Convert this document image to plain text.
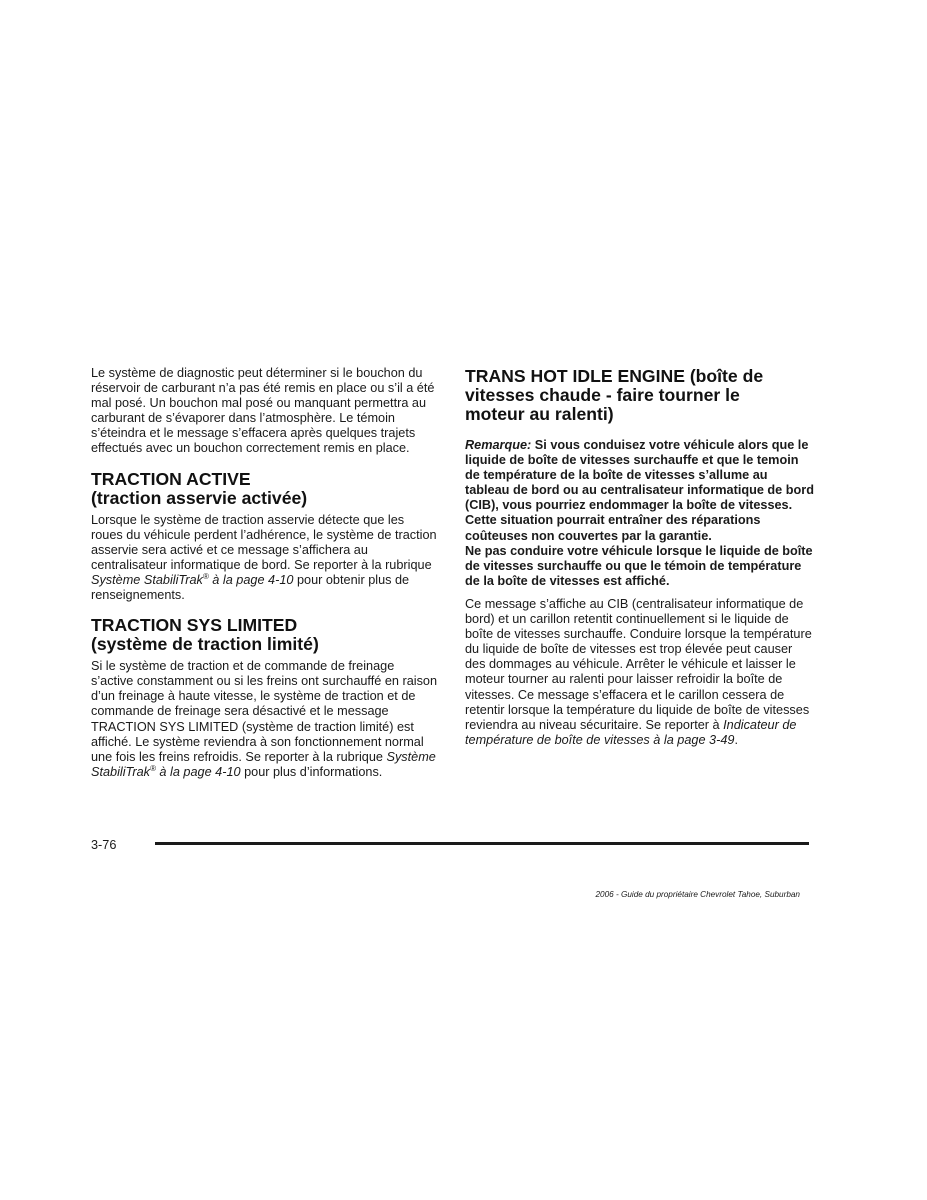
Le système de diagnostic peut déterminer si le bouchon du réservoir de carburant n’a pas été remis en place ou s’il a été mal posé. Un bouchon mal posé ou manquant permettra au carburant de s’évaporer dans l’atmosphère. Le témoin s’éteindra et le message s’effacera après quelques trajets effectués avec un bouchon correctement remis en place.

TRACTION ACTIVE
(traction asservie activée)

Lorsque le système de traction asservie détecte que les roues du véhicule perdent l’adhérence, le système de traction asservie sera activé et ce message s’affichera au centralisateur informatique de bord. Se reporter à la rubrique Système StabiliTrak® à la page 4-10 pour obtenir plus de renseignements.

TRACTION SYS LIMITED
(système de traction limité)

Si le système de traction et de commande de freinage s’active constamment ou si les freins ont surchauffé en raison d’un freinage à haute vitesse, le système de traction et de commande de freinage sera désactivé et le message TRACTION SYS LIMITED (système de traction limité) est affiché. Le système reviendra à son fonctionnement normal une fois les freins refroidis. Se reporter à la rubrique Système StabiliTrak® à la page 4-10 pour plus d’informations.

TRANS HOT IDLE ENGINE (boîte de
vitesses chaude - faire tourner le
moteur au ralenti)

Remarque: Si vous conduisez votre véhicule alors que le liquide de boîte de vitesses surchauffe et que le temoin de température de la boîte de vitesses s’allume au tableau de bord ou au centralisateur informatique de bord (CIB), vous pourriez endommager la boîte de vitesses. Cette situation pourrait entraîner des réparations coûteuses non couvertes par la garantie.

Ne pas conduire votre véhicule lorsque le liquide de boîte de vitesses surchauffe ou que le témoin de température de la boîte de vitesses est affiché.

Ce message s’affiche au CIB (centralisateur informatique de bord) et un carillon retentit continuellement si le liquide de boîte de vitesses surchauffe. Conduire lorsque la température du liquide de boîte de vitesses est trop élevée peut causer des dommages au véhicule. Arrêter le véhicule et laisser le moteur tourner au ralenti pour laisser refroidir la boîte de vitesses. Ce message s’effacera et le carillon cessera de retentir lorsque la température du liquide de boîte de vitesses reviendra au niveau sécuritaire. Se reporter à Indicateur de température de boîte de vitesses à la page 3-49.

3-76
2006 - Guide du propriétaire Chevrolet Tahoe, Suburban
